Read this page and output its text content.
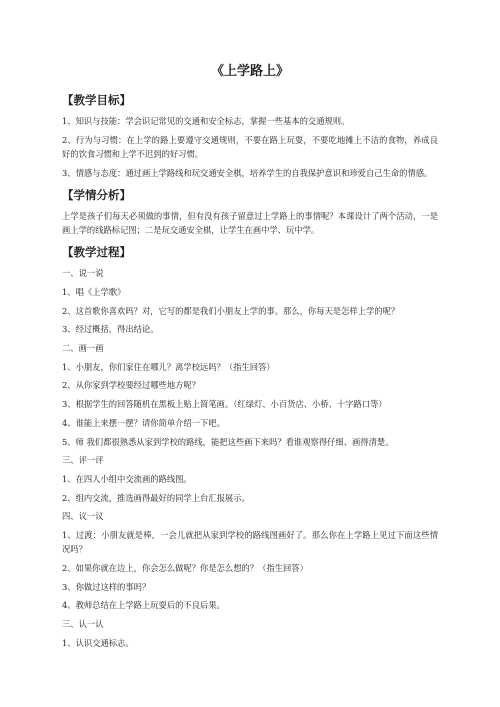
《上学路上》
【教学目标】
1、知识与技能：学会识记常见的交通和安全标志，掌握一些基本的交通规则。
2、行为与习惯：在上学的路上要遵守交通规则，不要在路上玩耍，不要吃地摊上不洁的食物，养成良好的饮食习惯和上学不迟到的好习惯。
3、情感与态度：通过画上学路线和玩交通安全棋，培养学生的自我保护意识和珍爱自己生命的情感。
【学情分析】
上学是孩子们每天必须做的事情，但有没有孩子留意过上学路上的事情呢？本课设计了两个活动，一是画上学的线路标记图；二是玩交通安全棋，让学生在画中学、玩中学。
【教学过程】
一、说一说
1、唱《上学歌》
2、这首歌你喜欢吗？对，它写的都是我们小朋友上学的事。那么，你每天是怎样上学的呢？
3、经过概括，得出结论。
二、画一画
1、小朋友，你们家住在哪儿？离学校远吗？（指生回答）
2、从你家到学校要经过哪些地方呢？
3、根据学生的回答随机在黑板上贴上简笔画。（红绿灯、小百货店、小桥、十字路口等）
4、谁能上来摆一摆？请你简单介绍一下吧。
5、师 我们都很熟悉从家到学校的路线，能把这些画下来吗？看谁观察得仔细、画得清楚。
三、评一评
1、在四人小组中交流画的路线图。
2、组内交流，推选画得最好的同学上台汇报展示。
四、议一议
1、过渡：小朋友就是棒，一会儿就把从家到学校的路线图画好了。那么你在上学路上见过下面这些情况吗？
2、如果你就在边上，你会怎么做呢？你是怎么想的？（指生回答）
3、你做过这样的事吗？
4、教师总结在上学路上玩耍后的不良后果。
三、认一认
1、认识交通标志。
